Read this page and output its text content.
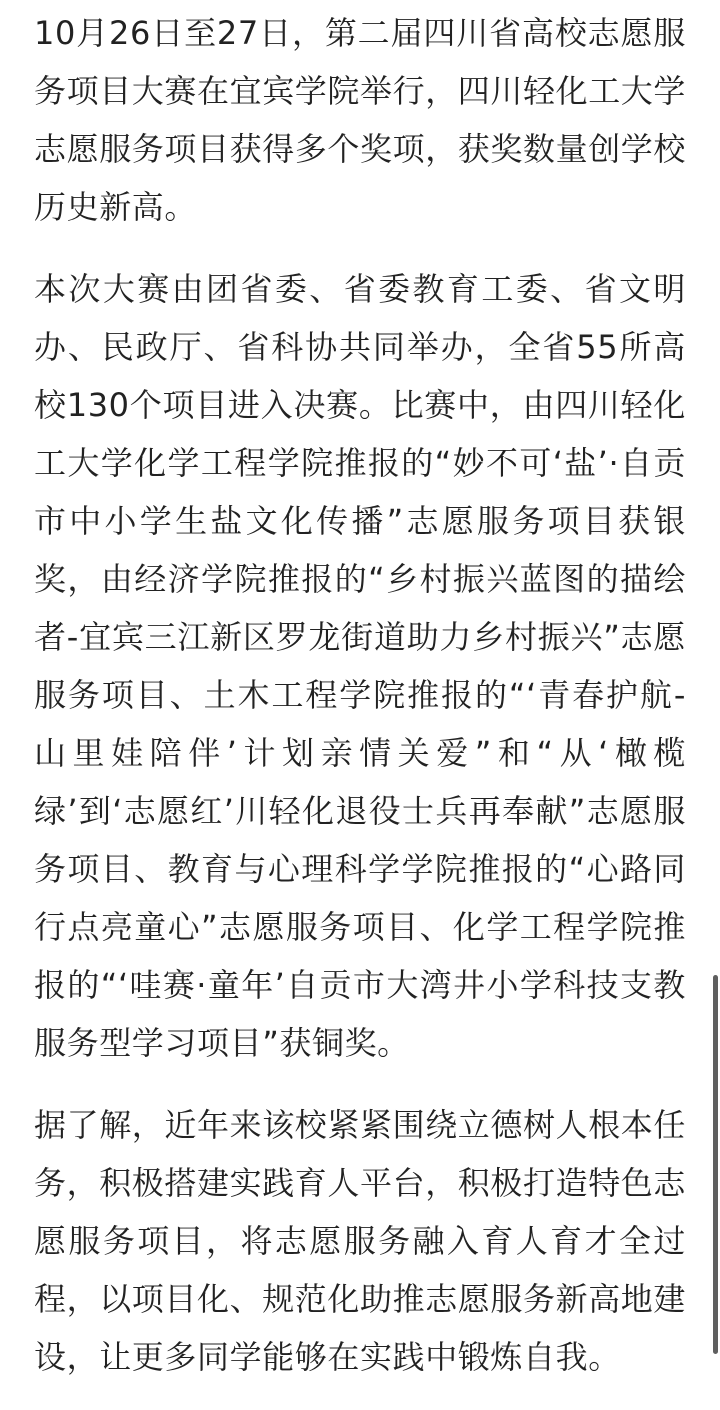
10月26日至27日，第二届四川省高校志愿服务项目大赛在宜宾学院举行，四川轻化工大学志愿服务项目获得多个奖项，获奖数量创学校历史新高。

本次大赛由团省委、省委教育工委、省文明办、民政厅、省科协共同举办，全省55所高校130个项目进入决赛。比赛中，由四川轻化工大学化学工程学院推报的“妙不可‘盐’·自贡市中小学生盐文化传播”志愿服务项目获银奖，由经济学院推报的“乡村振兴蓝图的描绘者-宜宾三江新区罗龙街道助力乡村振兴”志愿服务项目、土木工程学院推报的“‘青春护航-山里娃陪伴’计划亲情关爱”和“从‘橄榄绿’到‘志愿红’川轻化退役士兵再奉献”志愿服务项目、教育与心理科学学院推报的“心路同行点亮童心”志愿服务项目、化学工程学院推报的“‘哇赛·童年’自贡市大湾井小学科技支教服务型学习项目”获铜奖。

据了解，近年来该校紧紧围绕立德树人根本任务，积极搭建实践育人平台，积极打造特色志愿服务项目，将志愿服务融入育人育才全过程，以项目化、规范化助推志愿服务新高地建设，让更多同学能够在实践中锻炼自我。
